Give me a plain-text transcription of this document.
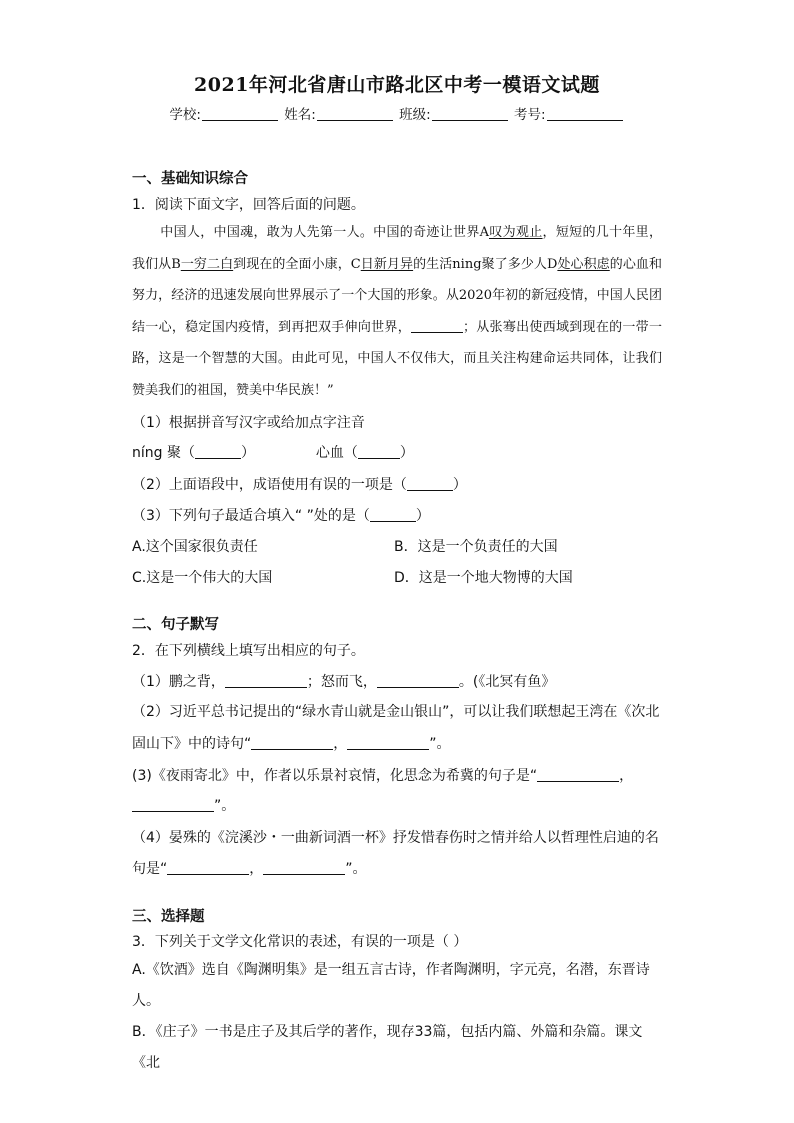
2021年河北省唐山市路北区中考一模语文试题
学校:	姓名:	班级:	考号:
一、基础知识综合
1．阅读下面文字，回答后面的问题。
中国人，中国魂，敢为人先第一人。中国的奇迹让世界A叹为观止，短短的几十年里，我们从B一穷二白到现在的全面小康，C日新月异的生活ning聚了多少人D处心积虑的心血和努力，经济的迅速发展向世界展示了一个大国的形象。从2020年初的新冠疫情，中国人民团结一心，稳定国内疫情，到再把双手伸向世界，	；从张骞出使西域到现在的一带一路，这是一个智慧的大国。由此可见，中国人不仅伟大，而且关注构建命运共同体，让我们赞美我们的祖国，赞美中华民族！”
（1）根据拼音写汉字或给加点字注音
níng 聚（	）	心血（	）
（2）上面语段中，成语使用有误的一项是（	）
（3）下列句子最适合填入“ ”处的是（	）
A.这个国家很负责任	B．这是一个负责任的大国
C.这是一个伟大的大国	D．这是一个地大物博的大国
二、句子默写
2．在下列横线上填写出相应的句子。
（1）鹏之背，	；怒而飞，	。(《北冥有鱼》
（2）习近平总书记提出的“绿水青山就是金山银山”，可以让我们联想起王湾在《次北
固山下》中的诗句“	，	”。
(3)《夜雨寄北》中，作者以乐景衬哀情，化思念为希冀的句子是“	，
”。
（4）晏殊的《浣溪沙・一曲新词酒一杯》抒发惜春伤时之情并给人以哲理性启迪的名
句是“	，	”。
三、选择题
3．下列关于文学文化常识的表述，有误的一项是（ ）
A.《饮酒》选自《陶渊明集》是一组五言古诗，作者陶渊明，字元亮，名潜，东晋诗人。
B．《庄子》一书是庄子及其后学的著作，现存33篇，包括内篇、外篇和杂篇。课文《北
